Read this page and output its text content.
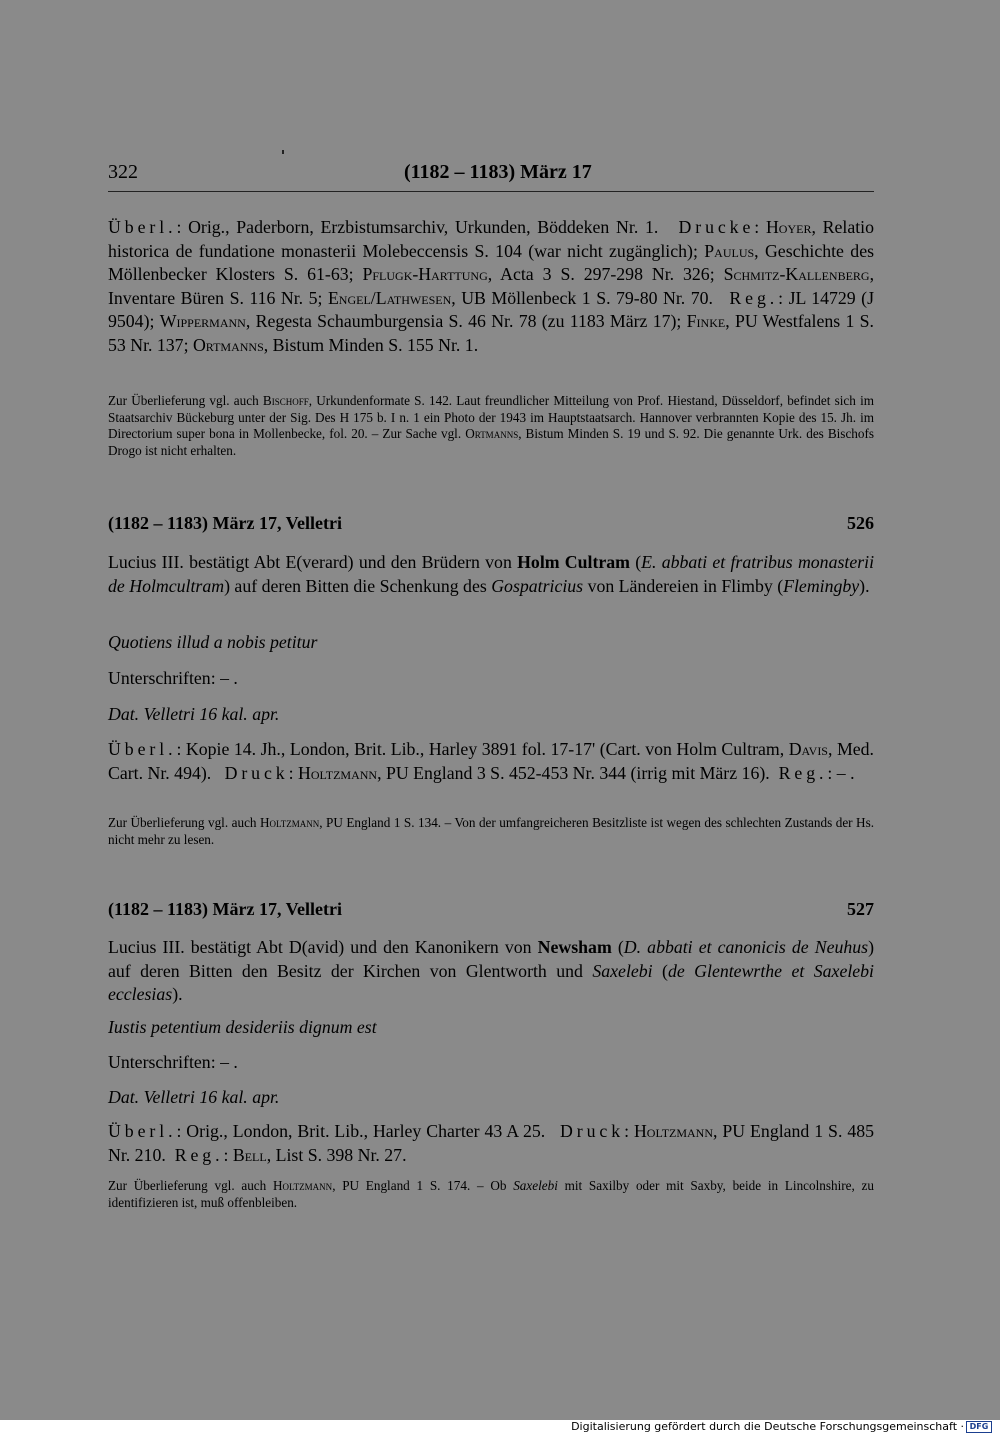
322	(1182 – 1183) März 17

Überl.: Orig., Paderborn, Erzbistumsarchiv, Urkunden, Böddeken Nr. 1. Drucke: Hoyer, Relatio historica de fundatione monasterii Molebeccensis S. 104 (war nicht zugänglich); Paulus, Geschichte des Möllenbecker Klosters S. 61-63; Pflugk-Harttung, Acta 3 S. 297-298 Nr. 326; Schmitz-Kallenberg, Inventare Büren S. 116 Nr. 5; Engel/Lathwesen, UB Möllenbeck 1 S. 79-80 Nr. 70. Reg.: JL 14729 (J 9504); Wippermann, Regesta Schaumburgensia S. 46 Nr. 78 (zu 1183 März 17); Finke, PU Westfalens 1 S. 53 Nr. 137; Ortmanns, Bistum Minden S. 155 Nr. 1.

Zur Überlieferung vgl. auch Bischoff, Urkundenformate S. 142. Laut freundlicher Mitteilung von Prof. Hiestand, Düsseldorf, befindet sich im Staatsarchiv Bückeburg unter der Sig. Des H 175 b. I n. 1 ein Photo der 1943 im Hauptstaatsarch. Hannover verbrannten Kopie des 15. Jh. im Directorium super bona in Mollenbecke, fol. 20. – Zur Sache vgl. Ortmanns, Bistum Minden S. 19 und S. 92. Die genannte Urk. des Bischofs Drogo ist nicht erhalten.

(1182 – 1183) März 17, Velletri	526

Lucius III. bestätigt Abt E(verard) und den Brüdern von Holm Cultram (E. abbati et fratribus monasterii de Holmcultram) auf deren Bitten die Schenkung des Gospatricius von Ländereien in Flimby (Flemingby).

Quotiens illud a nobis petitur
Unterschriften: – .
Dat. Velletri 16 kal. apr.

Überl.: Kopie 14. Jh., London, Brit. Lib., Harley 3891 fol. 17-17' (Cart. von Holm Cultram, Davis, Med. Cart. Nr. 494). Druck: Holtzmann, PU England 3 S. 452-453 Nr. 344 (irrig mit März 16). Reg.: – .

Zur Überlieferung vgl. auch Holtzmann, PU England 1 S. 134. – Von der umfangreicheren Besitzliste ist wegen des schlechten Zustands der Hs. nicht mehr zu lesen.

(1182 – 1183) März 17, Velletri	527

Lucius III. bestätigt Abt D(avid) und den Kanonikern von Newsham (D. abbati et canonicis de Neuhus) auf deren Bitten den Besitz der Kirchen von Glentworth und Saxelebi (de Glentewrthe et Saxelebi ecclesias).

Iustis petentium desideriis dignum est
Unterschriften: – .
Dat. Velletri 16 kal. apr.

Überl.: Orig., London, Brit. Lib., Harley Charter 43 A 25. Druck: Holtzmann, PU England 1 S. 485 Nr. 210. Reg.: Bell, List S. 398 Nr. 27.

Zur Überlieferung vgl. auch Holtzmann, PU England 1 S. 174. – Ob Saxelebi mit Saxilby oder mit Saxby, beide in Lincolnshire, zu identifizieren ist, muß offenbleiben.

Digitalisierung gefördert durch die Deutsche Forschungsgemeinschaft · DFG
